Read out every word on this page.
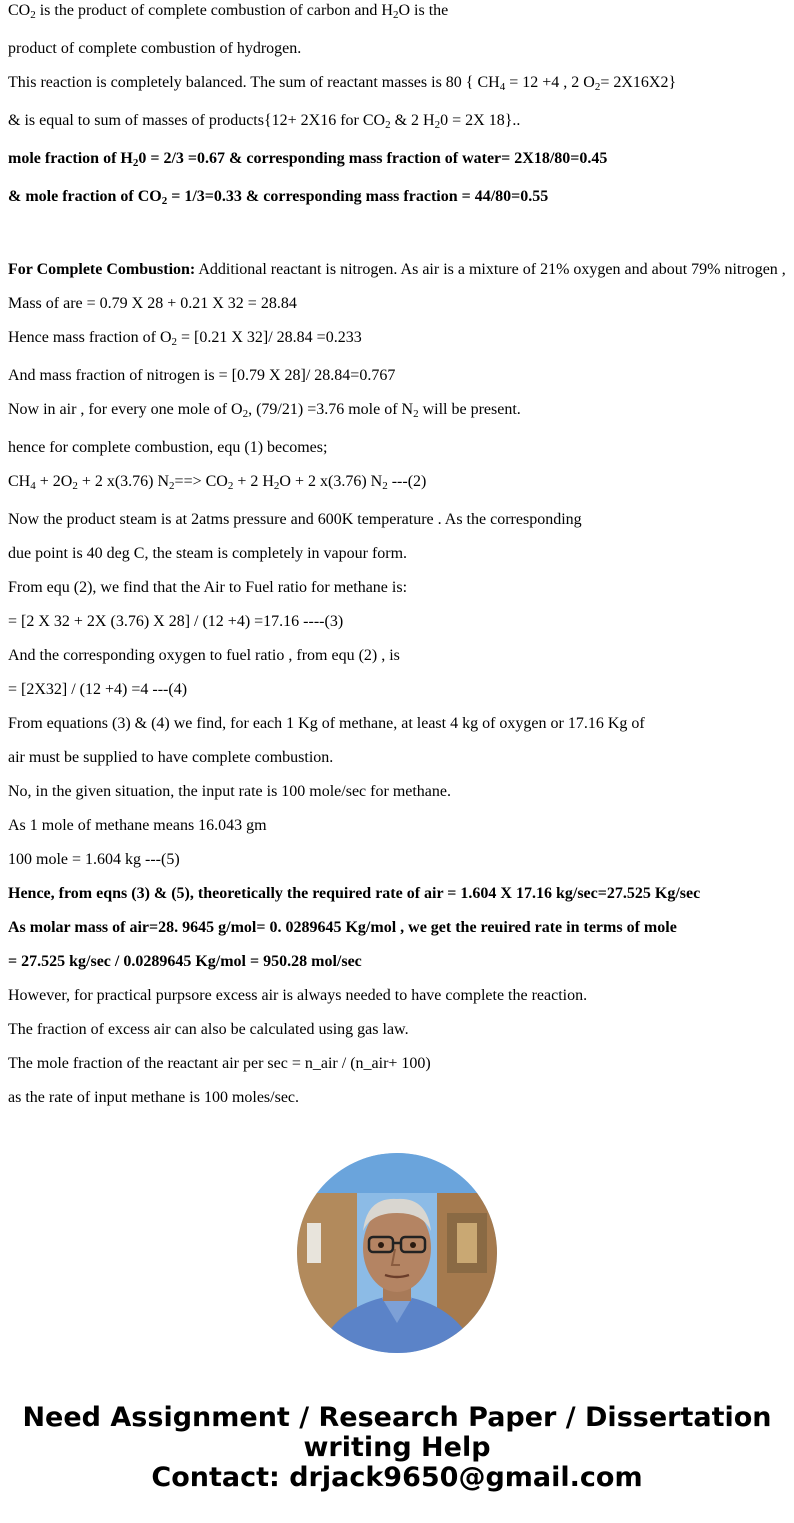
$CO_2$ is the product of complete combustion of carbon and $H_2O$ is the
product of complete combustion of hydrogen.
This reaction is completely balanced. The sum of reactant masses is 80 { $CH_4 = 12 +4$ , 2 $O_2= 2X16X2$}
& is equal to sum of masses of products{12+ 2X16 for $CO_2$ & 2 $H_20 = 2X$ 18}..
mole fraction of $H_20 = 2/3 =0.67$ & corresponding mass fraction of water= 2X18/80=0.45
& mole fraction of $CO_2 = 1/3=0.33$ & corresponding mass fraction = 44/80=0.55
For Complete Combustion: Additional reactant is nitrogen. As air is a mixture of 21% oxygen and about 79% nitrogen ,
Mass of are = 0.79 X 28 + 0.21 X 32 = 28.84
Hence mass fraction of $O_2 = [0.21$ X 32]/ 28.84 =0.233
And mass fraction of nitrogen is = [0.79 X 28]/ 28.84=0.767
Now in air , for every one mole of $O_2$, (79/21) =3.76 mole of $N_2$ will be present.
hence for complete combustion, equ (1) becomes;
$CH_4 + 2O_2 + 2$ x(3.76) $N_2==> CO_2 + 2$ $H_2O + 2$ x(3.76) $N_2$ ---(2)
Now the product steam is at 2atms pressure and 600K temperature . As the corresponding
due point is 40 deg C, the steam is completely in vapour form.
From equ (2), we find that the Air to Fuel ratio for methane is:
= [2 X 32 + 2X (3.76) X 28] / (12 +4) =17.16 ----(3)
And the corresponding oxygen to fuel ratio , from equ (2) , is
= [2X32] / (12 +4) =4 ---(4)
From equations (3) & (4) we find, for each 1 Kg of methane, at least 4 kg of oxygen or 17.16 Kg of
air must be supplied to have complete combustion.
No, in the given situation, the input rate is 100 mole/sec for methane.
As 1 mole of methane means 16.043 gm
100 mole = 1.604 kg ---(5)
Hence, from eqns (3) & (5), theoretically the required rate of air = 1.604 X 17.16 kg/sec=27.525 Kg/sec
As molar mass of air=28. 9645 g/mol= 0. 0289645 Kg/mol , we get the reuired rate in terms of mole
= 27.525 kg/sec / 0.0289645 Kg/mol = 950.28 mol/sec
However, for practical purpsore excess air is always needed to have complete the reaction.
The fraction of excess air can also be calculated using gas law.
The mole fraction of the reactant air per sec = n_air / (n_air+ 100)
as the rate of input methane is 100 moles/sec.
Need Assignment / Research Paper / Dissertation
writing Help
Contact: drjack9650@gmail.com
